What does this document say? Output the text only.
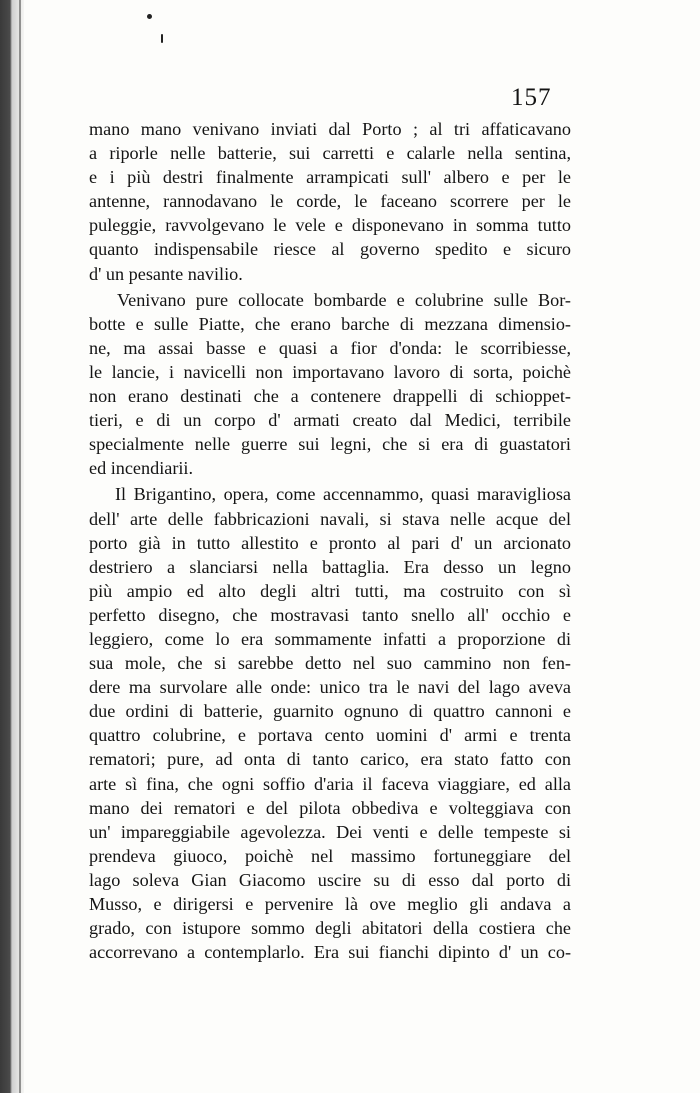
157
mano mano venivano inviati dal Porto ; al tri affaticavano
a riporle nelle batterie, sui carretti e calarle nella sentina,
e i più destri finalmente arrampicati sull' albero e per le
antenne, rannodavano le corde, le faceano scorrere per le
puleggie, ravvolgevano le vele e disponevano in somma tutto
quanto indispensabile riesce al governo spedito e sicuro
d' un pesante navilio.
Venivano pure collocate bombarde e colubrine sulle Bor-
botte e sulle Piatte, che erano barche di mezzana dimensio-
ne, ma assai basse e quasi a fior d'onda: le scorribiesse,
le lancie, i navicelli non importavano lavoro di sorta, poichè
non erano destinati che a contenere drappelli di schioppet-
tieri, e di un corpo d' armati creato dal Medici, terribile
specialmente nelle guerre sui legni, che si era di guastatori
ed incendiarii.
Il Brigantino, opera, come accennammo, quasi maravigliosa
dell' arte delle fabbricazioni navali, si stava nelle acque del
porto già in tutto allestito e pronto al pari d' un arcionato
destriero a slanciarsi nella battaglia. Era desso un legno
più ampio ed alto degli altri tutti, ma costruito con sì
perfetto disegno, che mostravasi tanto snello all' occhio e
leggiero, come lo era sommamente infatti a proporzione di
sua mole, che si sarebbe detto nel suo cammino non fen-
dere ma survolare alle onde: unico tra le navi del lago aveva
due ordini di batterie, guarnito ognuno di quattro cannoni e
quattro colubrine, e portava cento uomini d' armi e trenta
rematori; pure, ad onta di tanto carico, era stato fatto con
arte sì fina, che ogni soffio d'aria il faceva viaggiare, ed alla
mano dei rematori e del pilota obbediva e volteggiava con
un' impareggiabile agevolezza. Dei venti e delle tempeste si
prendeva giuoco, poichè nel massimo fortuneggiare del
lago soleva Gian Giacomo uscire su di esso dal porto di
Musso, e dirigersi e pervenire là ove meglio gli andava a
grado, con istupore sommo degli abitatori della costiera che
accorrevano a contemplarlo. Era sui fianchi dipinto d' un co-
